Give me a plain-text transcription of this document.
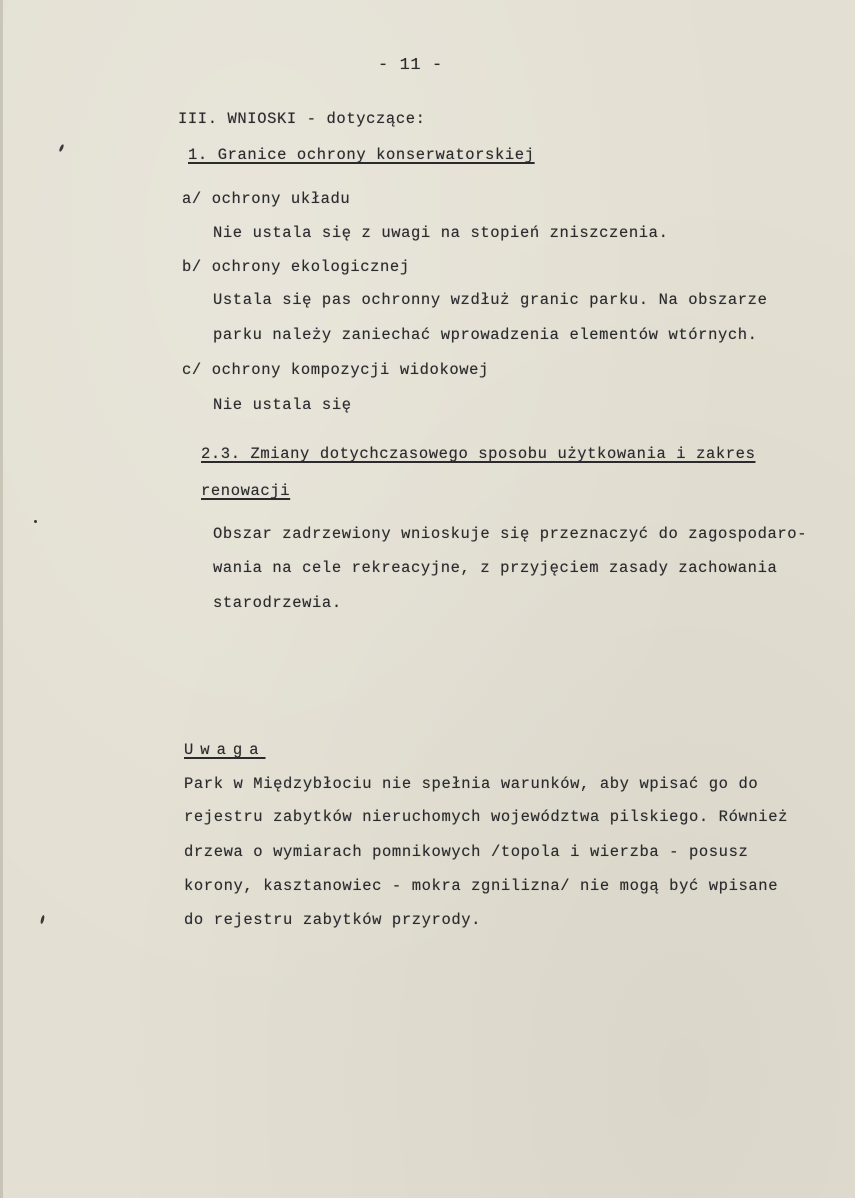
- 11 -
III. WNIOSKI - dotyczące:
1. Granice ochrony konserwatorskiej
a/ ochrony układu
Nie ustala się z uwagi na stopień zniszczenia.
b/ ochrony ekologicznej
Ustala się pas ochronny wzdłuż granic parku. Na obszarze
parku należy zaniechać wprowadzenia elementów wtórnych.
c/ ochrony kompozycji widokowej
Nie ustala się
2.3. Zmiany dotychczasowego sposobu użytkowania i zakres
renowacji
Obszar zadrzewiony wnioskuje się przeznaczyć do zagospodaro-
wania na cele rekreacyjne, z przyjęciem zasady zachowania
starodrzewia.
Uwaga
Park w Międzybłociu nie spełnia warunków, aby wpisać go do
rejestru zabytków nieruchomych województwa pilskiego. Również
drzewa o wymiarach pomnikowych /topola i wierzba - posusz
korony, kasztanowiec - mokra zgnilizna/ nie mogą być wpisane
do rejestru zabytków przyrody.
